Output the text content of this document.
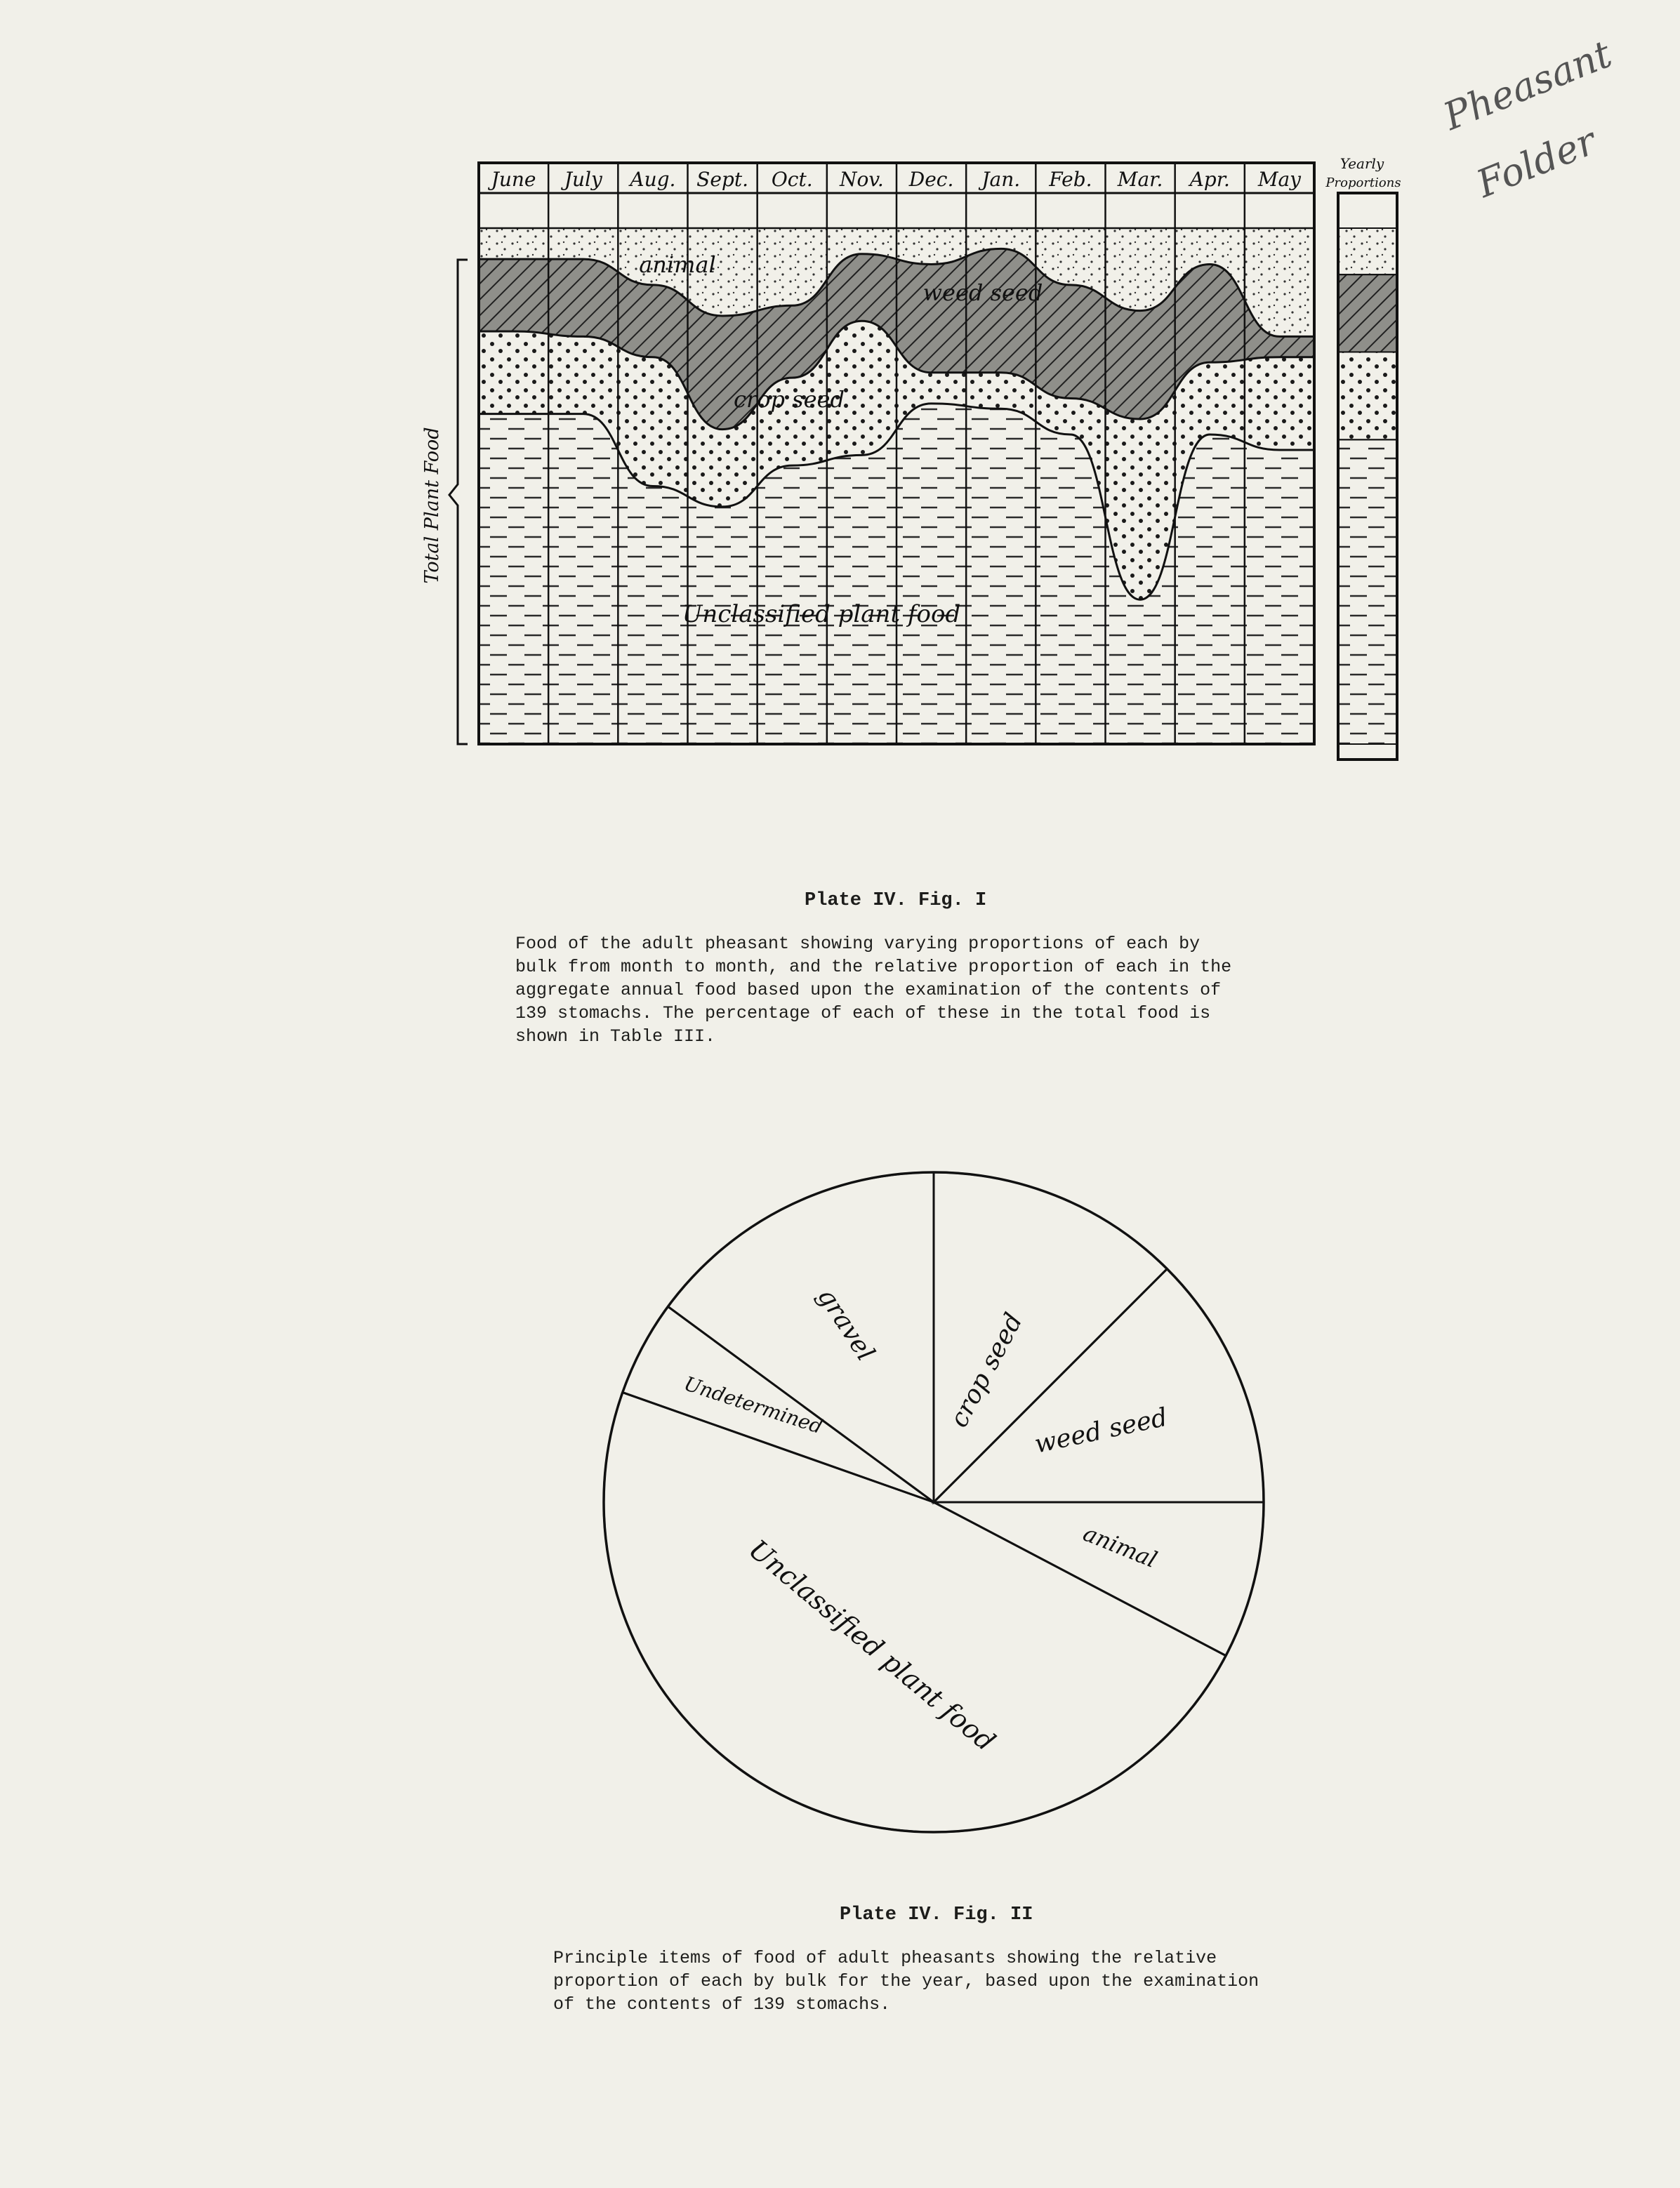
Yearly
Proportions
crop seed weed seed
animal
Unclassified plant food
Undetermined
gravel
June July Aug. Sept. Oct. Nov. Dec. Jan. Feb. Mar. Apr. May
Total Plant Food
animal
weed seed
crop seed
Unclassified plant food
Pheasant
Folder
Plate IV. Fig. I
Food of the adult pheasant showing varying proportions of each by
bulk from month to month, and the relative proportion of each in the
aggregate annual food based upon the examination of the contents of
139 stomachs. The percentage of each of these in the total food is
shown in Table III.
Plate IV. Fig. II
Principle items of food of adult pheasants showing the relative
proportion of each by bulk for the year, based upon the examination
of the contents of 139 stomachs.
